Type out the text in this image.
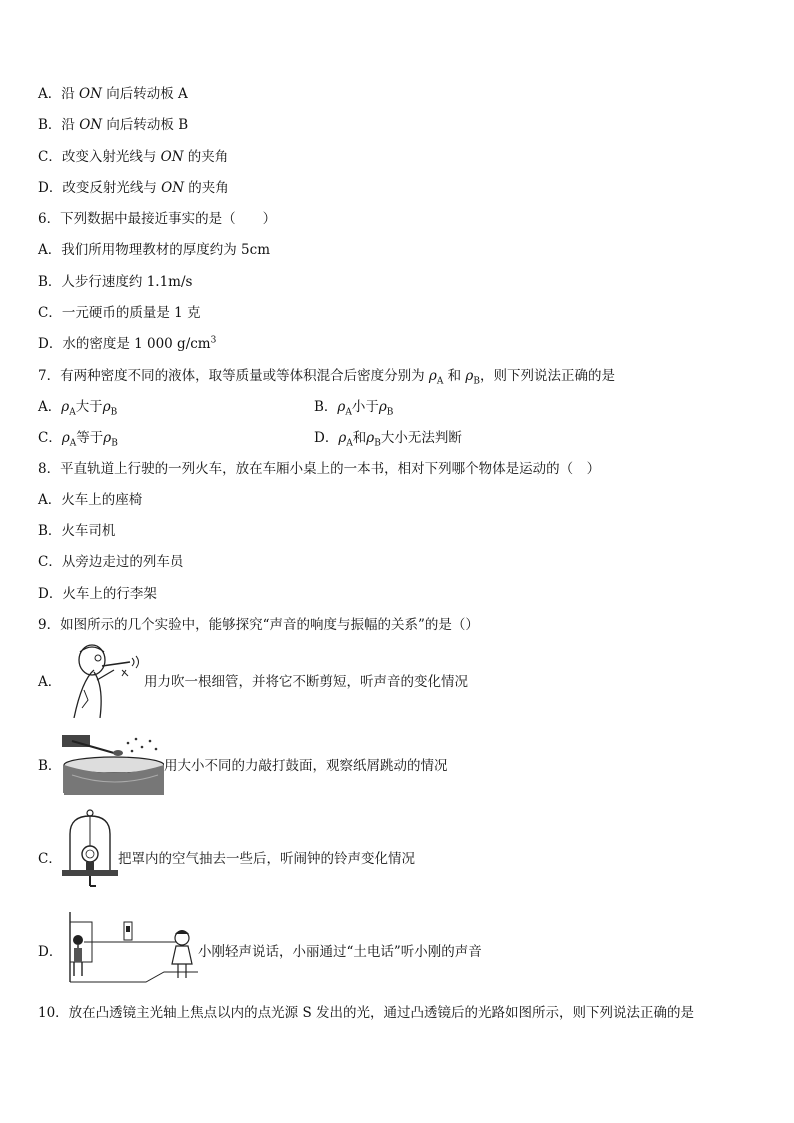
A．沿 ON 向后转动板 A
B．沿 ON 向后转动板 B
C．改变入射光线与 ON 的夹角
D．改变反射光线与 ON 的夹角
6．下列数据中最接近事实的是（　　）
A．我们所用物理教材的厚度约为 5cm
B．人步行速度约 1.1m/s
C．一元硬币的质量是 1 克
D．水的密度是 1 000 $g/cm^3$
7．有两种密度不同的液体，取等质量或等体积混合后密度分别为 $\rho_A$ 和 $\rho_B$，则下列说法正确的是
A．$\rho_A$大于$\rho_B$	B．$\rho_A$小于$\rho_B$
C．$\rho_A$等于$\rho_B$	D．$\rho_A$和$\rho_B$大小无法判断
8．平直轨道上行驶的一列火车，放在车厢小桌上的一本书，相对下列哪个物体是运动的（　）
A．火车上的座椅
B．火车司机
C．从旁边走过的列车员
D．火车上的行李架
9．如图所示的几个实验中，能够探究“声音的响度与振幅的关系”的是（）
A．	用力吹一根细管，并将它不断剪短，听声音的变化情况
B．	用大小不同的力敲打鼓面，观察纸屑跳动的情况
C．	把罩内的空气抽去一些后，听闹钟的铃声变化情况
D．	小刚轻声说话，小丽通过“土电话”听小刚的声音
10．放在凸透镜主光轴上焦点以内的点光源 S 发出的光，通过凸透镜后的光路如图所示，则下列说法正确的是
